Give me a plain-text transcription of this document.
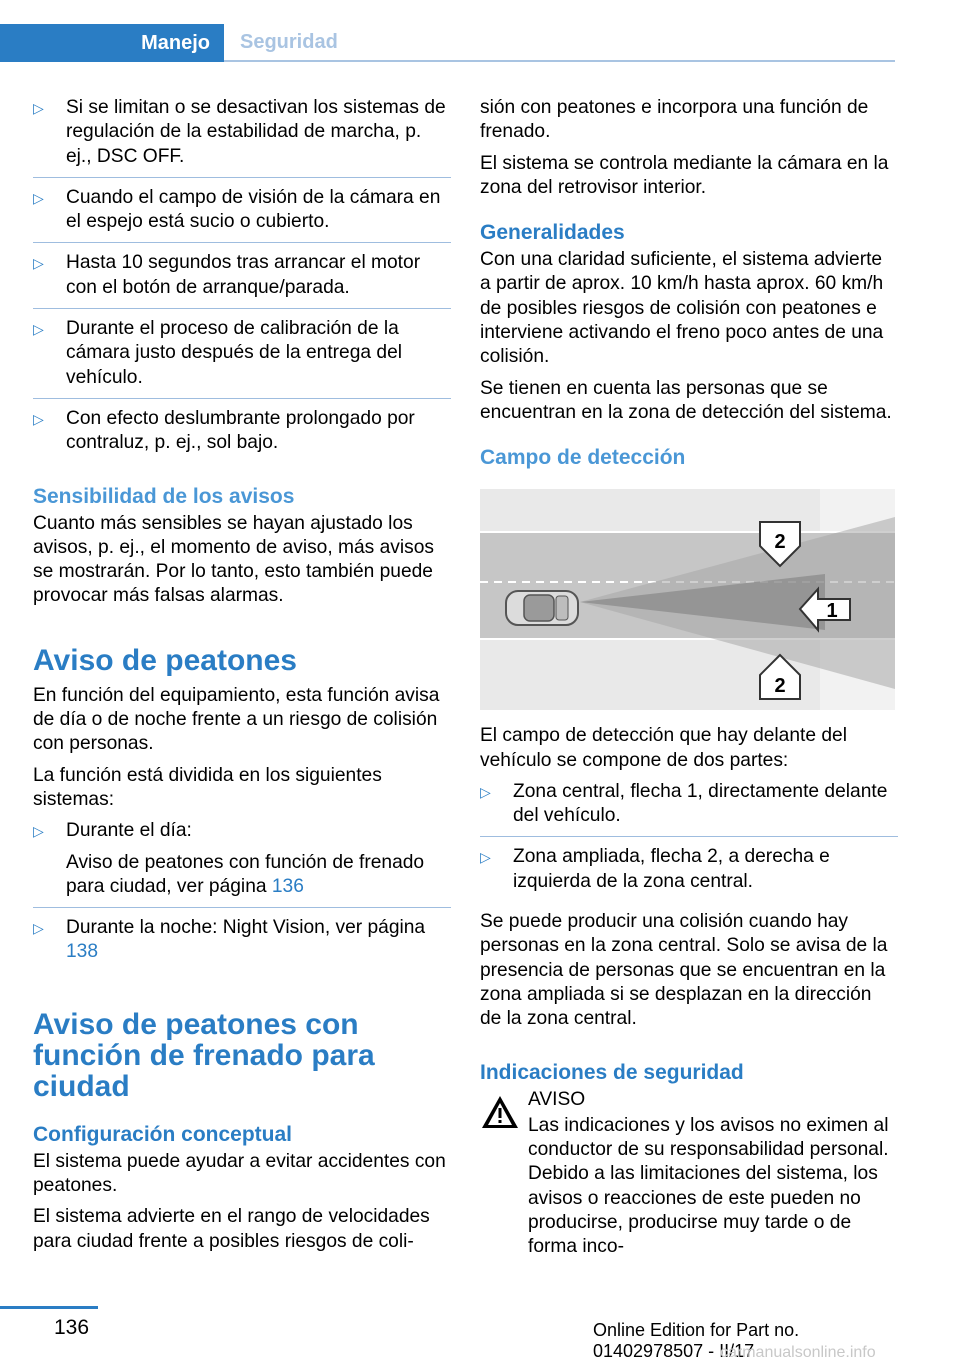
Manejo	Seguridad
▷ Si se limitan o se desactivan los sistemas de regulación de la estabilidad de marcha, p. ej., DSC OFF.
▷ Cuando el campo de visión de la cámara en el espejo está sucio o cubierto.
▷ Hasta 10 segundos tras arrancar el motor con el botón de arranque/parada.
▷ Durante el proceso de calibración de la cámara justo después de la entrega del vehículo.
▷ Con efecto deslumbrante prolongado por contraluz, p. ej., sol bajo.
Sensibilidad de los avisos

Cuanto más sensibles se hayan ajustado los avisos, p. ej., el momento de aviso, más avisos se mostrarán. Por lo tanto, esto también puede provocar más falsas alarmas.

Aviso de peatones

En función del equipamiento, esta función avisa de día o de noche frente a un riesgo de colisión con personas.

La función está dividida en los siguientes sistemas:

▷ Durante el día:
Aviso de peatones con función de frenado para ciudad, ver página 136
▷ Durante la noche: Night Vision, ver página 138
Aviso de peatones con función de frenado para ciudad
Configuración conceptual

El sistema puede ayudar a evitar accidentes con peatones.

El sistema advierte en el rango de velocidades para ciudad frente a posibles riesgos de coli-

sión con peatones e incorpora una función de frenado.

El sistema se controla mediante la cámara en la zona del retrovisor interior.

Generalidades

Con una claridad suficiente, el sistema advierte a partir de aprox. 10 km/h hasta aprox. 60 km/h de posibles riesgos de colisión con peatones e interviene activando el freno poco antes de una colisión.

Se tienen en cuenta las personas que se encuentran en la zona de detección del sistema.

Campo de detección
2
1
2

El campo de detección que hay delante del vehículo se compone de dos partes:

▷ Zona central, flecha 1, directamente delante del vehículo.
▷ Zona ampliada, flecha 2, a derecha e izquierda de la zona central.

Se puede producir una colisión cuando hay personas en la zona central. Solo se avisa de la presencia de personas que se encuentran en la zona ampliada si se desplazan en la dirección de la zona central.

Indicaciones de seguridad

AVISO

Las indicaciones y los avisos no eximen al conductor de su responsabilidad personal. Debido a las limitaciones del sistema, los avisos o reacciones de este pueden no producirse, producirse muy tarde o de forma inco-

136	Online Edition for Part no. 01402978507 - II/17
carmanualsonline.info
